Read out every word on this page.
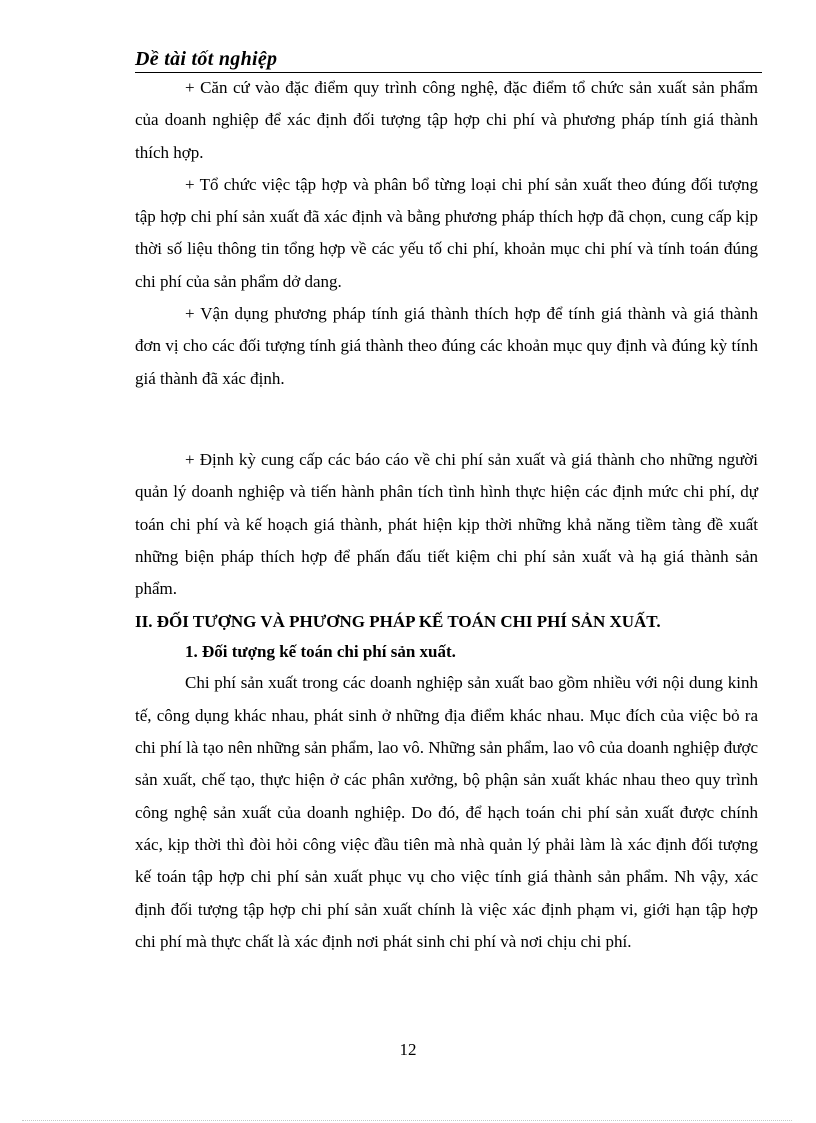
Dề tài tốt nghiệp

+ Căn cứ vào đặc điểm quy trình công nghệ, đặc điểm tổ chức sản xuất sản phẩm của doanh nghiệp để xác định đối tượng tập hợp chi phí và phương pháp tính giá thành thích hợp.

+ Tổ chức việc tập hợp và phân bổ từng loại chi phí sản xuất theo đúng đối tượng tập hợp chi phí sản xuất đã xác định và bằng phương pháp thích hợp đã chọn, cung cấp kịp thời số liệu thông tin tổng hợp về các yếu tố chi phí, khoản mục chi phí và tính toán đúng chi phí của sản phẩm dở dang.

+ Vận dụng phương pháp tính giá thành thích hợp để tính giá thành và giá thành đơn vị cho các đối tượng tính giá thành theo đúng các khoản mục quy định và đúng kỳ tính giá thành đã xác định.

+ Định kỳ cung cấp các báo cáo về chi phí sản xuất và giá thành cho những người quản lý doanh nghiệp và tiến hành phân tích tình hình thực hiện các định mức chi phí, dự toán chi phí và kế hoạch giá thành, phát hiện kịp thời những khả năng tiềm tàng đề xuất những biện pháp thích hợp để phấn đấu tiết kiệm chi phí sản xuất và hạ giá thành sản phẩm.

II. ĐỐI TƯỢNG VÀ PHƯƠNG PHÁP KẾ TOÁN CHI PHÍ SẢN XUẤT.

1. Đối tượng kế toán chi phí sản xuất.

Chi phí sản xuất trong các doanh nghiệp sản xuất bao gồm nhiều với nội dung kinh tế, công dụng khác nhau, phát sinh ở những địa điểm khác nhau. Mục đích của việc bỏ ra chi phí là tạo nên những sản phẩm, lao vô. Những sản phẩm, lao vô của doanh nghiệp được sản xuất, chế tạo, thực hiện ở các phân xưởng, bộ phận sản xuất khác nhau theo quy trình công nghệ sản xuất của doanh nghiệp. Do đó, để hạch toán chi phí sản xuất được chính xác, kịp thời thì đòi hỏi công việc đầu tiên mà nhà quản lý phải làm là xác định đối tượng kế toán tập hợp chi phí sản xuất phục vụ cho việc tính giá thành sản phẩm. Nh vậy, xác định đối tượng tập hợp chi phí sản xuất chính là việc xác định phạm vi, giới hạn tập hợp chi phí mà thực chất là xác định nơi phát sinh chi phí và nơi chịu chi phí.

12
